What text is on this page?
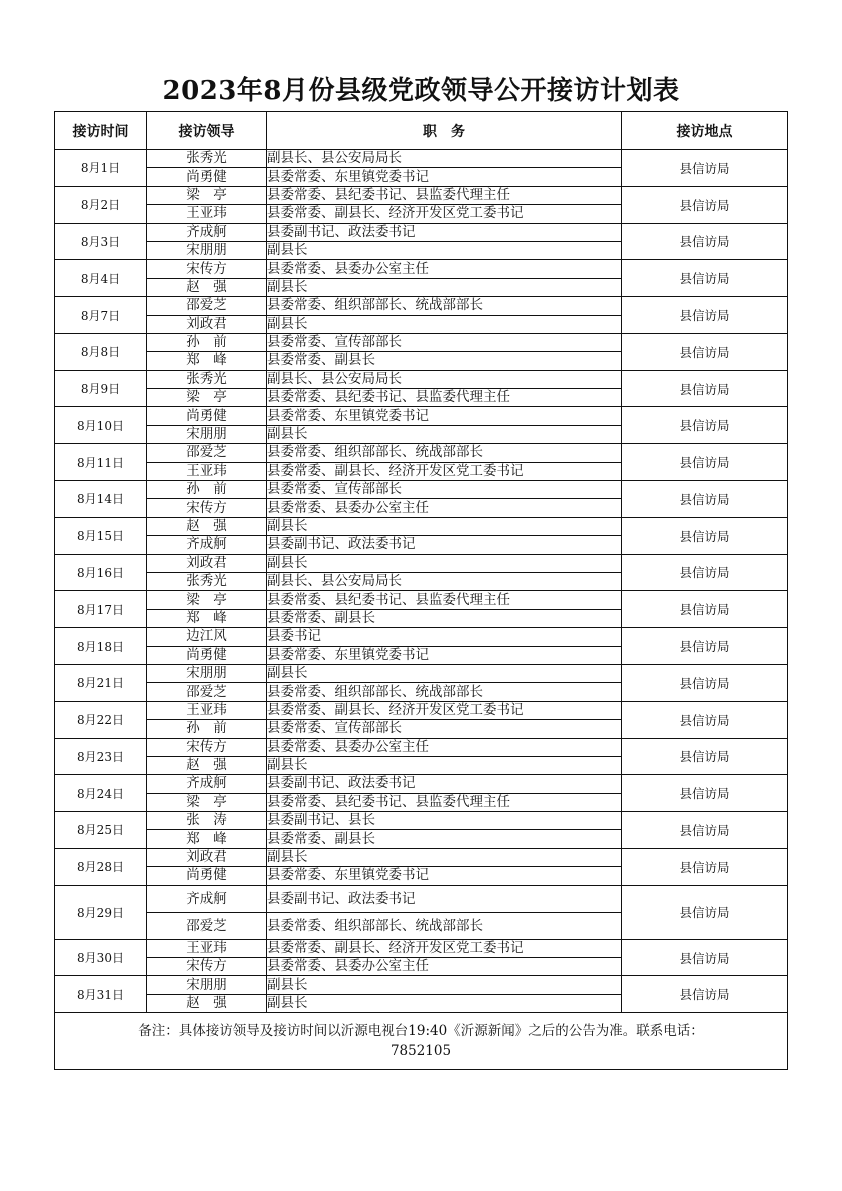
2023年8月份县级党政领导公开接访计划表
接访时间	接访领导	职　务	接访地点
8月1日	张秀光	副县长、县公安局局长	县信访局
	尚勇健	县委常委、东里镇党委书记	
8月2日	梁　亭	县委常委、县纪委书记、县监委代理主任	县信访局
	王亚玮	县委常委、副县长、经济开发区党工委书记	
8月3日	齐成舸	县委副书记、政法委书记	县信访局
	宋朋朋	副县长	
8月4日	宋传方	县委常委、县委办公室主任	县信访局
	赵　强	副县长	
8月7日	邵爱芝	县委常委、组织部部长、统战部部长	县信访局
	刘政君	副县长	
8月8日	孙　前	县委常委、宣传部部长	县信访局
	郑　峰	县委常委、副县长	
8月9日	张秀光	副县长、县公安局局长	县信访局
	梁　亭	县委常委、县纪委书记、县监委代理主任	
8月10日	尚勇健	县委常委、东里镇党委书记	县信访局
	宋朋朋	副县长	
8月11日	邵爱芝	县委常委、组织部部长、统战部部长	县信访局
	王亚玮	县委常委、副县长、经济开发区党工委书记	
8月14日	孙　前	县委常委、宣传部部长	县信访局
	宋传方	县委常委、县委办公室主任	
8月15日	赵　强	副县长	县信访局
	齐成舸	县委副书记、政法委书记	
8月16日	刘政君	副县长	县信访局
	张秀光	副县长、县公安局局长	
8月17日	梁　亭	县委常委、县纪委书记、县监委代理主任	县信访局
	郑　峰	县委常委、副县长	
8月18日	边江风	县委书记	县信访局
	尚勇健	县委常委、东里镇党委书记	
8月21日	宋朋朋	副县长	县信访局
	邵爱芝	县委常委、组织部部长、统战部部长	
8月22日	王亚玮	县委常委、副县长、经济开发区党工委书记	县信访局
	孙　前	县委常委、宣传部部长	
8月23日	宋传方	县委常委、县委办公室主任	县信访局
	赵　强	副县长	
8月24日	齐成舸	县委副书记、政法委书记	县信访局
	梁　亭	县委常委、县纪委书记、县监委代理主任	
8月25日	张　涛	县委副书记、县长	县信访局
	郑　峰	县委常委、副县长	
8月28日	刘政君	副县长	县信访局
	尚勇健	县委常委、东里镇党委书记	
8月29日	齐成舸	县委副书记、政法委书记	县信访局
	邵爱芝	县委常委、组织部部长、统战部部长	
8月30日	王亚玮	县委常委、副县长、经济开发区党工委书记	县信访局
	宋传方	县委常委、县委办公室主任	
8月31日	宋朋朋	副县长	县信访局
	赵　强	副县长	
备注：具体接访领导及接访时间以沂源电视台19:40《沂源新闻》之后的公告为准。联系电话：
7852105			
